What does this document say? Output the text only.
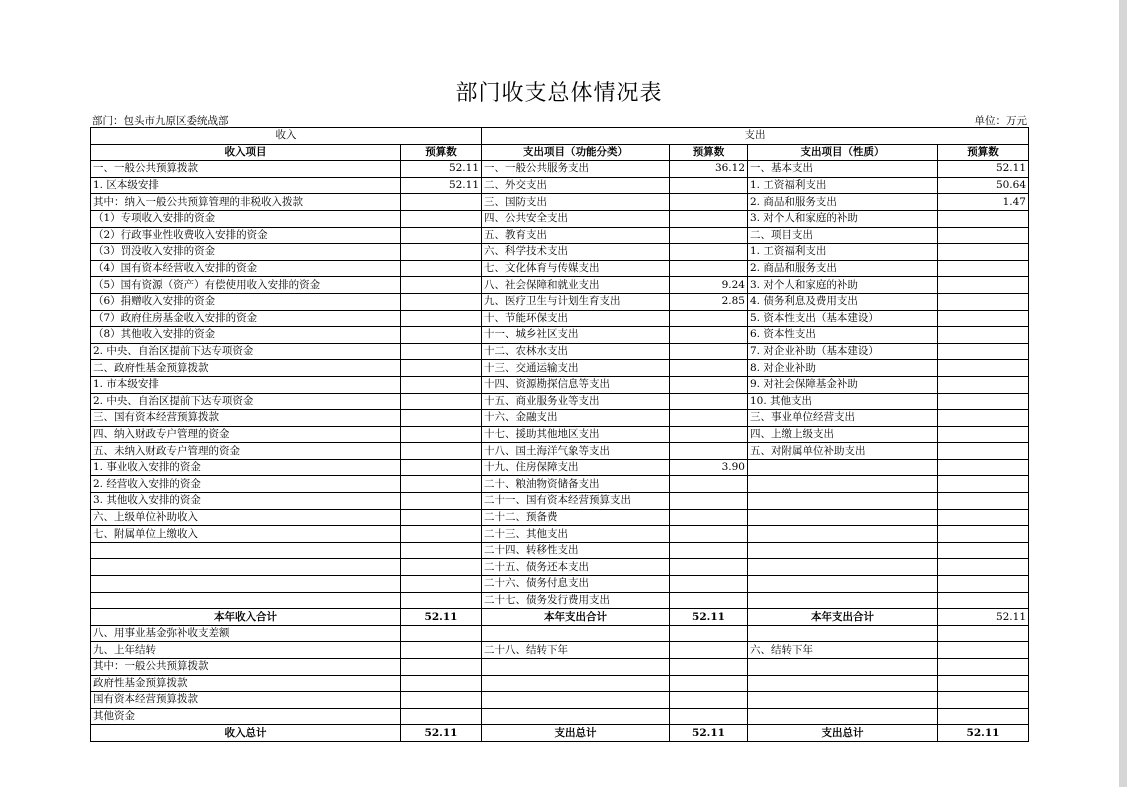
部门收支总体情况表
部门：包头市九原区委统战部	单位：万元
收入		支出			
收入项目	预算数	支出项目（功能分类）	预算数	支出项目（性质）	预算数
一、一般公共预算拨款	52.11	一、一般公共服务支出	36.12	一、基本支出	52.11
1. 区本级安排	52.11	二、外交支出		1. 工资福利支出	50.64
其中：纳入一般公共预算管理的非税收入拨款		三、国防支出		2. 商品和服务支出	1.47
（1）专项收入安排的资金		四、公共安全支出		3. 对个人和家庭的补助	
（2）行政事业性收费收入安排的资金		五、教育支出		二、项目支出	
（3）罚没收入安排的资金		六、科学技术支出		1. 工资福利支出	
（4）国有资本经营收入安排的资金		七、文化体育与传媒支出		2. 商品和服务支出	
（5）国有资源（资产）有偿使用收入安排的资金		八、社会保障和就业支出	9.24	3. 对个人和家庭的补助	
（6）捐赠收入安排的资金		九、医疗卫生与计划生育支出	2.85	4. 债务利息及费用支出	
（7）政府住房基金收入安排的资金		十、节能环保支出		5. 资本性支出（基本建设）	
（8）其他收入安排的资金		十一、城乡社区支出		6. 资本性支出	
2. 中央、自治区提前下达专项资金		十二、农林水支出		7. 对企业补助（基本建设）	
二、政府性基金预算拨款		十三、交通运输支出		8. 对企业补助	
1. 市本级安排		十四、资源勘探信息等支出		9. 对社会保障基金补助	
2. 中央、自治区提前下达专项资金		十五、商业服务业等支出		10. 其他支出	
三、国有资本经营预算拨款		十六、金融支出		三、事业单位经营支出	
四、纳入财政专户管理的资金		十七、援助其他地区支出		四、上缴上级支出	
五、未纳入财政专户管理的资金		十八、国土海洋气象等支出		五、对附属单位补助支出	
1. 事业收入安排的资金		十九、住房保障支出	3.90		
2. 经营收入安排的资金		二十、粮油物资储备支出			
3. 其他收入安排的资金		二十一、国有资本经营预算支出			
六、上级单位补助收入		二十二、预备费			
七、附属单位上缴收入		二十三、其他支出			
		二十四、转移性支出			
		二十五、债务还本支出			
		二十六、债务付息支出			
		二十七、债务发行费用支出			
本年收入合计	52.11	本年支出合计	52.11	本年支出合计	52.11
八、用事业基金弥补收支差额					
九、上年结转		二十八、结转下年		六、结转下年	
其中：一般公共预算拨款					
政府性基金预算拨款					
国有资本经营预算拨款					
其他资金					
收入总计	52.11	支出总计	52.11	支出总计	52.11
